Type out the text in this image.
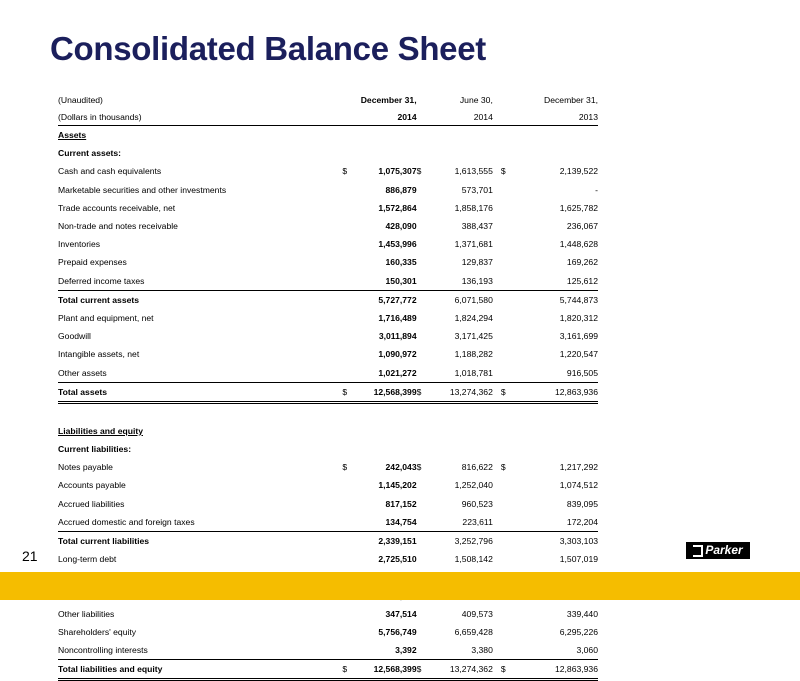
Consolidated Balance Sheet
(Unaudited)		December 31,	June 30,	December 31,
(Dollars in thousands)		2014	2014	2013
Assets				
Current assets:				
Cash and cash equivalents	$	1,075,307	$ 1,613,555	$ 2,139,522
Marketable securities and other investments		886,879	573,701	-
Trade accounts receivable, net		1,572,864	1,858,176	1,625,782
Non-trade and notes receivable		428,090	388,437	236,067
Inventories		1,453,996	1,371,681	1,448,628
Prepaid expenses		160,335	129,837	169,262
Deferred income taxes		150,301	136,193	125,612
Total current assets		5,727,772	6,071,580	5,744,873
Plant and equipment, net		1,716,489	1,824,294	1,820,312
Goodwill		3,011,894	3,171,425	3,161,699
Intangible assets, net		1,090,972	1,188,282	1,220,547
Other assets		1,021,272	1,018,781	916,505
Total assets	$	12,568,399	$ 13,274,362	$ 12,863,936

Liabilities and equity				
Current liabilities:				
Notes payable	$	242,043	$ 816,622	$ 1,217,292
Accounts payable		1,145,202	1,252,040	1,074,512
Accrued liabilities		817,152	960,523	839,095
Accrued domestic and foreign taxes		134,754	223,611	172,204
Total current liabilities		2,339,151	3,252,796	3,303,103
Long-term debt		2,725,510	1,508,142	1,507,019

Other liabilities		347,514	409,573	339,440
Shareholders' equity		5,756,749	6,659,428	6,295,226
Noncontrolling interests		3,392	3,380	3,060
Total liabilities and equity	$	12,568,399	$ 13,274,362	$ 12,863,936
21	Parker
